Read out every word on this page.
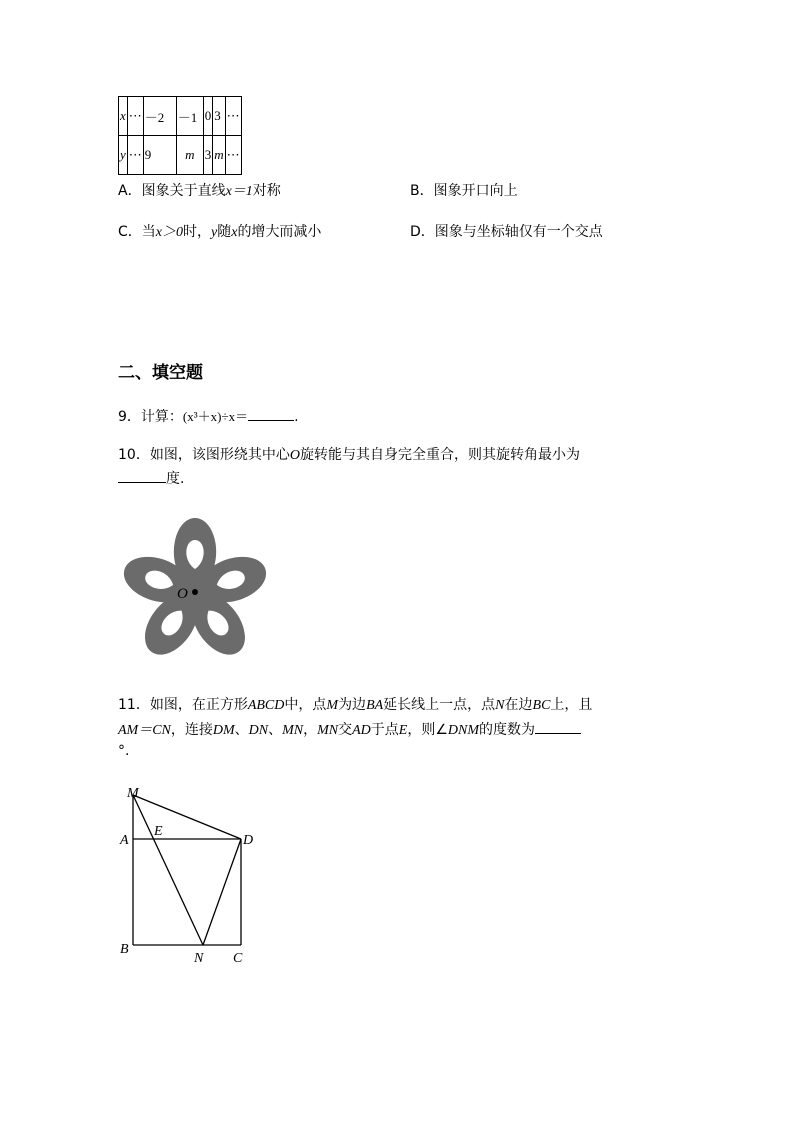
x	⋯	－2	－1	0	3	⋯
y	⋯	9	m	3	m	⋯
A．图象关于直线x＝1对称	B．图象开口向上
C．当x＞0时，y随x的增大而减小	D．图象与坐标轴仅有一个交点
二、填空题
9．计算：(x³＋x)÷x＝	.
10．如图，该图形绕其中心O旋转能与其自身完全重合，则其旋转角最小为
度.
O
11．如图，在正方形ABCD中，点M为边BA延长线上一点，点N在边BC上，且
AM＝CN，连接DM、DN、MN，MN交AD于点E，则∠DNM的度数为
°.
M
A
E
D
B
N C
